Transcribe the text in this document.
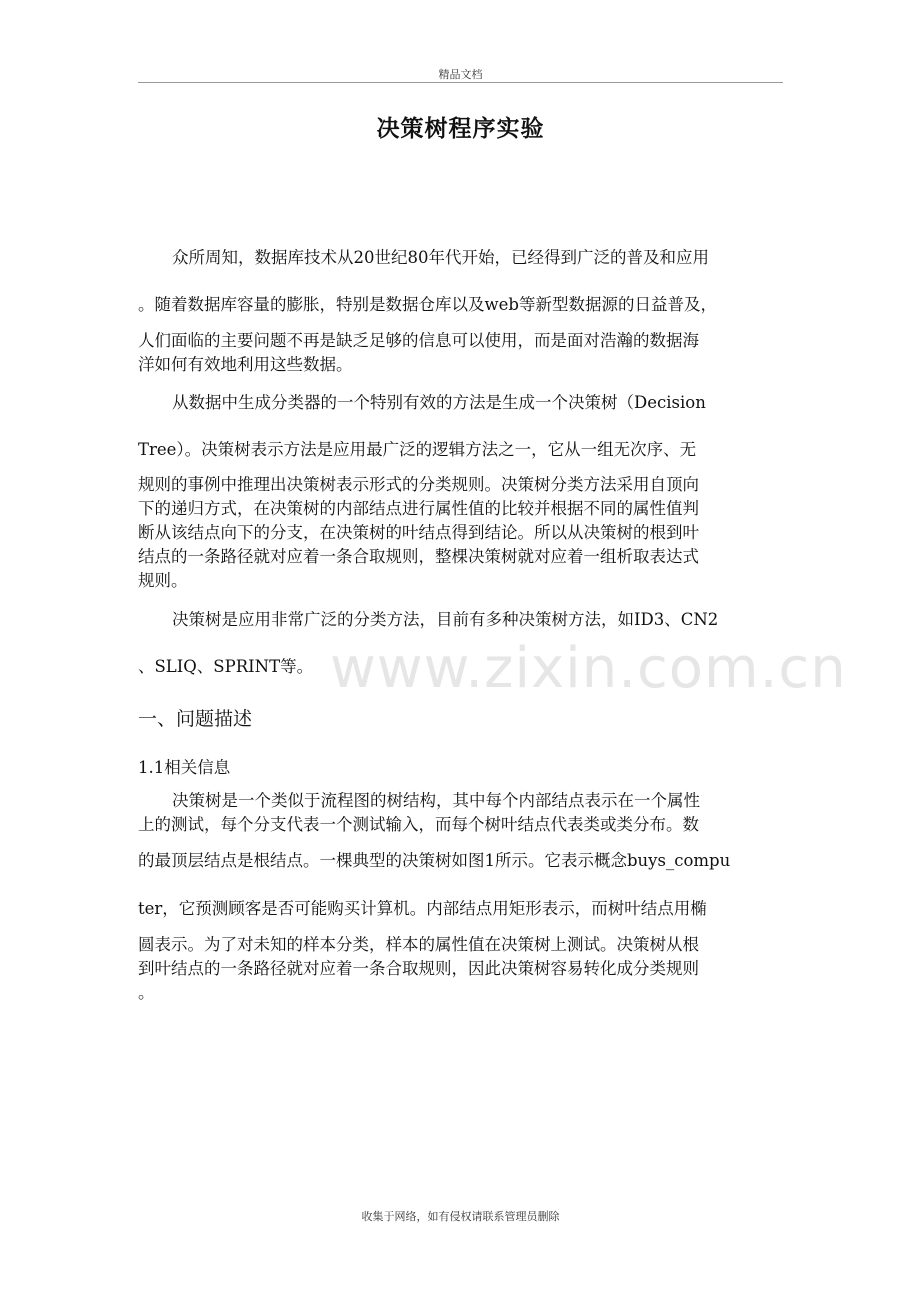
精品文档
决策树程序实验
众所周知，数据库技术从20世纪80年代开始，已经得到广泛的普及和应用
。随着数据库容量的膨胀，特别是数据仓库以及web等新型数据源的日益普及，
人们面临的主要问题不再是缺乏足够的信息可以使用，而是面对浩瀚的数据海
洋如何有效地利用这些数据。
从数据中生成分类器的一个特别有效的方法是生成一个决策树（Decision
Tree）。决策树表示方法是应用最广泛的逻辑方法之一，它从一组无次序、无
规则的事例中推理出决策树表示形式的分类规则。决策树分类方法采用自顶向
下的递归方式，在决策树的内部结点进行属性值的比较并根据不同的属性值判
断从该结点向下的分支，在决策树的叶结点得到结论。所以从决策树的根到叶
结点的一条路径就对应着一条合取规则，整棵决策树就对应着一组析取表达式
规则。
决策树是应用非常广泛的分类方法，目前有多种决策树方法，如ID3、CN2
、SLIQ、SPRINT等。 www.zixin.com.cn
一、问题描述
1.1相关信息
决策树是一个类似于流程图的树结构，其中每个内部结点表示在一个属性
上的测试，每个分支代表一个测试输入，而每个树叶结点代表类或类分布。数
的最顶层结点是根结点。一棵典型的决策树如图1所示。它表示概念buys_compu
ter，它预测顾客是否可能购买计算机。内部结点用矩形表示，而树叶结点用椭
圆表示。为了对未知的样本分类，样本的属性值在决策树上测试。决策树从根
到叶结点的一条路径就对应着一条合取规则，因此决策树容易转化成分类规则
。
收集于网络，如有侵权请联系管理员删除
